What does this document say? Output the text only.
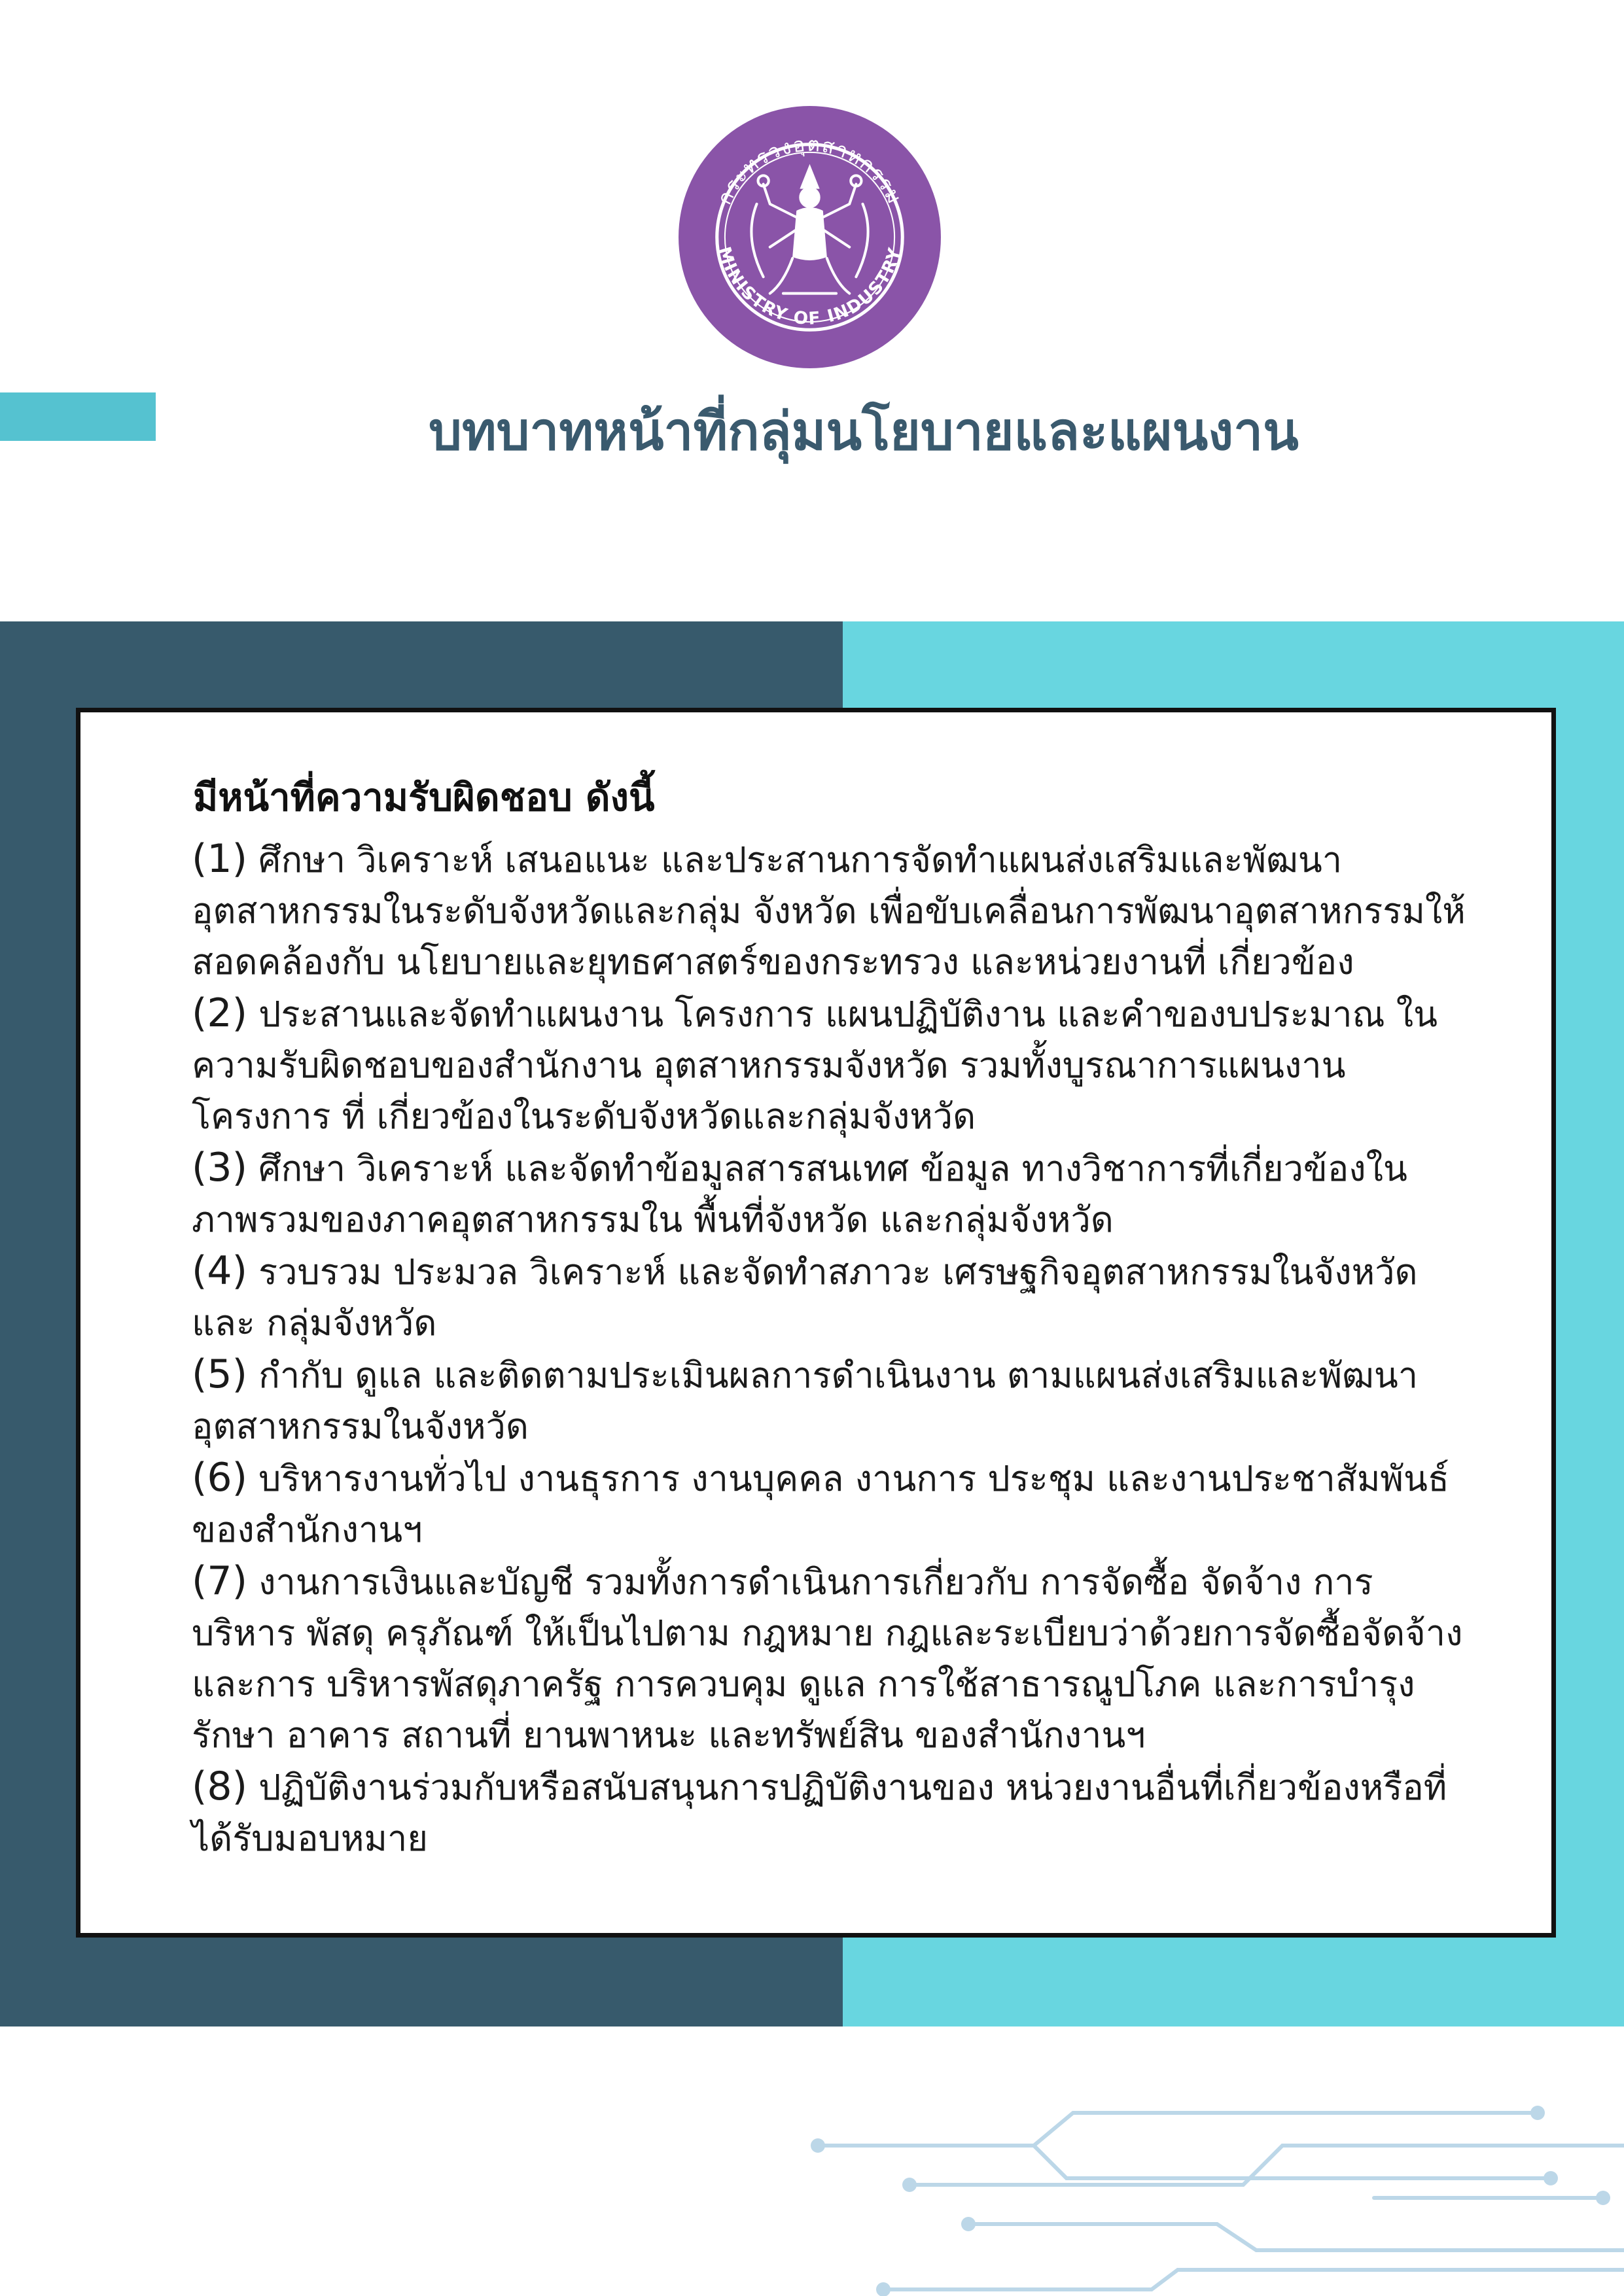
กระทรวงอุตสาหกรรม
MINISTRY OF INDUSTRY
บทบาทหน้าที่กลุ่มนโยบายและแผนงาน
มีหน้าที่ความรับผิดชอบ ดังนี้
(1) ศึกษา วิเคราะห์ เสนอแนะ และประสานการจัดทำแผนส่งเสริมและพัฒนาอุตสาหกรรมในระดับจังหวัดและกลุ่ม จังหวัด เพื่อขับเคลื่อนการพัฒนาอุตสาหกรรมให้สอดคล้องกับ นโยบายและยุทธศาสตร์ของกระทรวง และหน่วยงานที่ เกี่ยวข้อง
(2) ประสานและจัดทำแผนงาน โครงการ แผนปฏิบัติงาน และคำของบประมาณ ใน ความรับผิดชอบของสำนักงาน อุตสาหกรรมจังหวัด รวมทั้งบูรณาการแผนงานโครงการ ที่ เกี่ยวข้องในระดับจังหวัดและกลุ่มจังหวัด
(3) ศึกษา วิเคราะห์ และจัดทำข้อมูลสารสนเทศ ข้อมูล ทางวิชาการที่เกี่ยวข้องใน ภาพรวมของภาคอุตสาหกรรมใน พื้นที่จังหวัด และกลุ่มจังหวัด
(4) รวบรวม ประมวล วิเคราะห์ และจัดทำสภาวะ เศรษฐกิจอุตสาหกรรมในจังหวัดและ กลุ่มจังหวัด
(5) กำกับ ดูแล และติดตามประเมินผลการดำเนินงาน ตามแผนส่งเสริมและพัฒนา อุตสาหกรรมในจังหวัด
(6) บริหารงานทั่วไป งานธุรการ งานบุคคล งานการ ประชุม และงานประชาสัมพันธ์ ของสำนักงานฯ
(7) งานการเงินและบัญชี รวมทั้งการดำเนินการเกี่ยวกับ การจัดซื้อ จัดจ้าง การบริหาร พัสดุ ครุภัณฑ์ ให้เป็นไปตาม กฎหมาย กฎและระเบียบว่าด้วยการจัดซื้อจัดจ้างและการ บริหารพัสดุภาครัฐ การควบคุม ดูแล การใช้สาธารณูปโภค และการบำรุงรักษา อาคาร สถานที่ ยานพาหนะ และทรัพย์สิน ของสำนักงานฯ
(8) ปฏิบัติงานร่วมกับหรือสนับสนุนการปฏิบัติงานของ หน่วยงานอื่นที่เกี่ยวข้องหรือที่ ได้รับมอบหมาย
